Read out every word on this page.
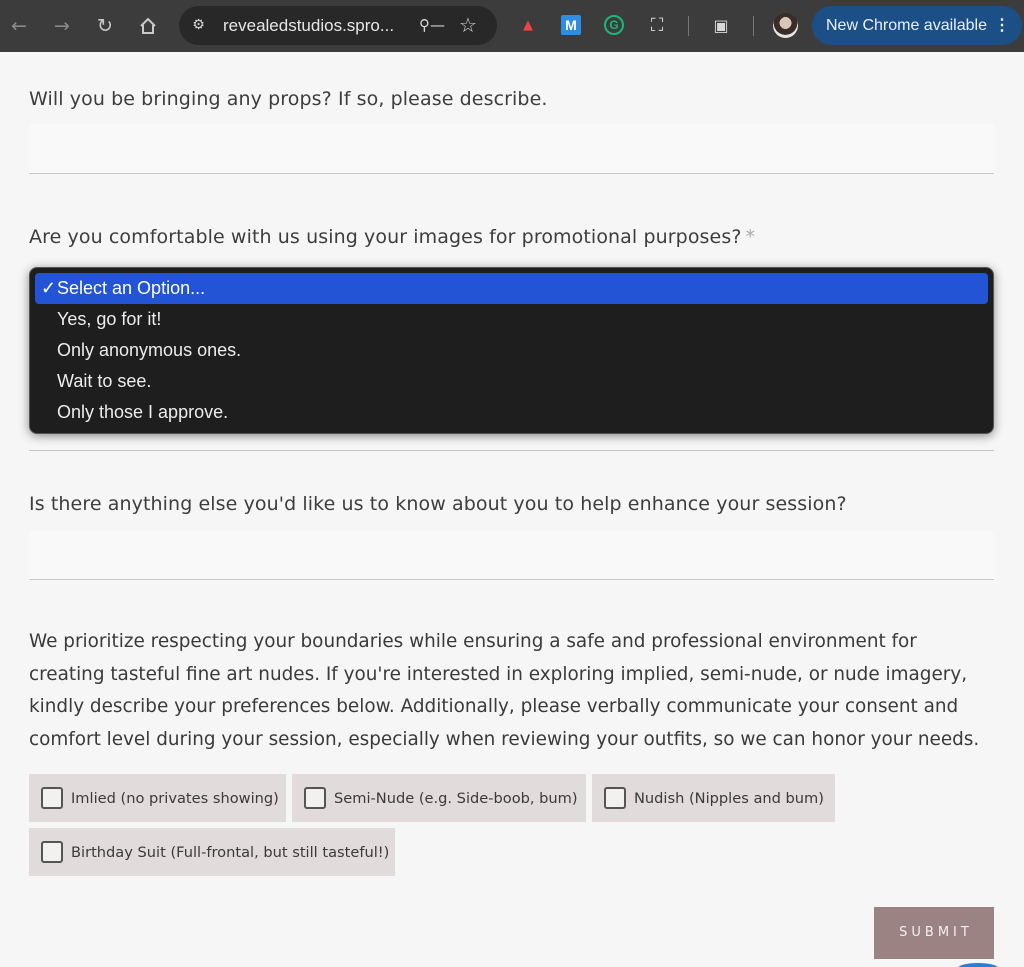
←	→	↻	⚙ revealedstudios.spro... ⚲— ☆	▲	M	G	⛶	▣	New Chrome available ⋮
Will you be bringing any props? If so, please describe.
Are you comfortable with us using your images for promotional purposes? *
✓ Select an Option...
Yes, go for it!
Only anonymous ones.
Wait to see.
Only those I approve.
Is there anything else you'd like us to know about you to help enhance your session?
We prioritize respecting your boundaries while ensuring a safe and professional environment for
creating tasteful fine art nudes. If you're interested in exploring implied, semi-nude, or nude imagery,
kindly describe your preferences below. Additionally, please verbally communicate your consent and
comfort level during your session, especially when reviewing your outfits, so we can honor your needs.
Imlied (no privates showing)	Semi-Nude (e.g. Side-boob, bum)	Nudish (Nipples and bum)
Birthday Suit (Full-frontal, but still tasteful!)
SUBMIT
